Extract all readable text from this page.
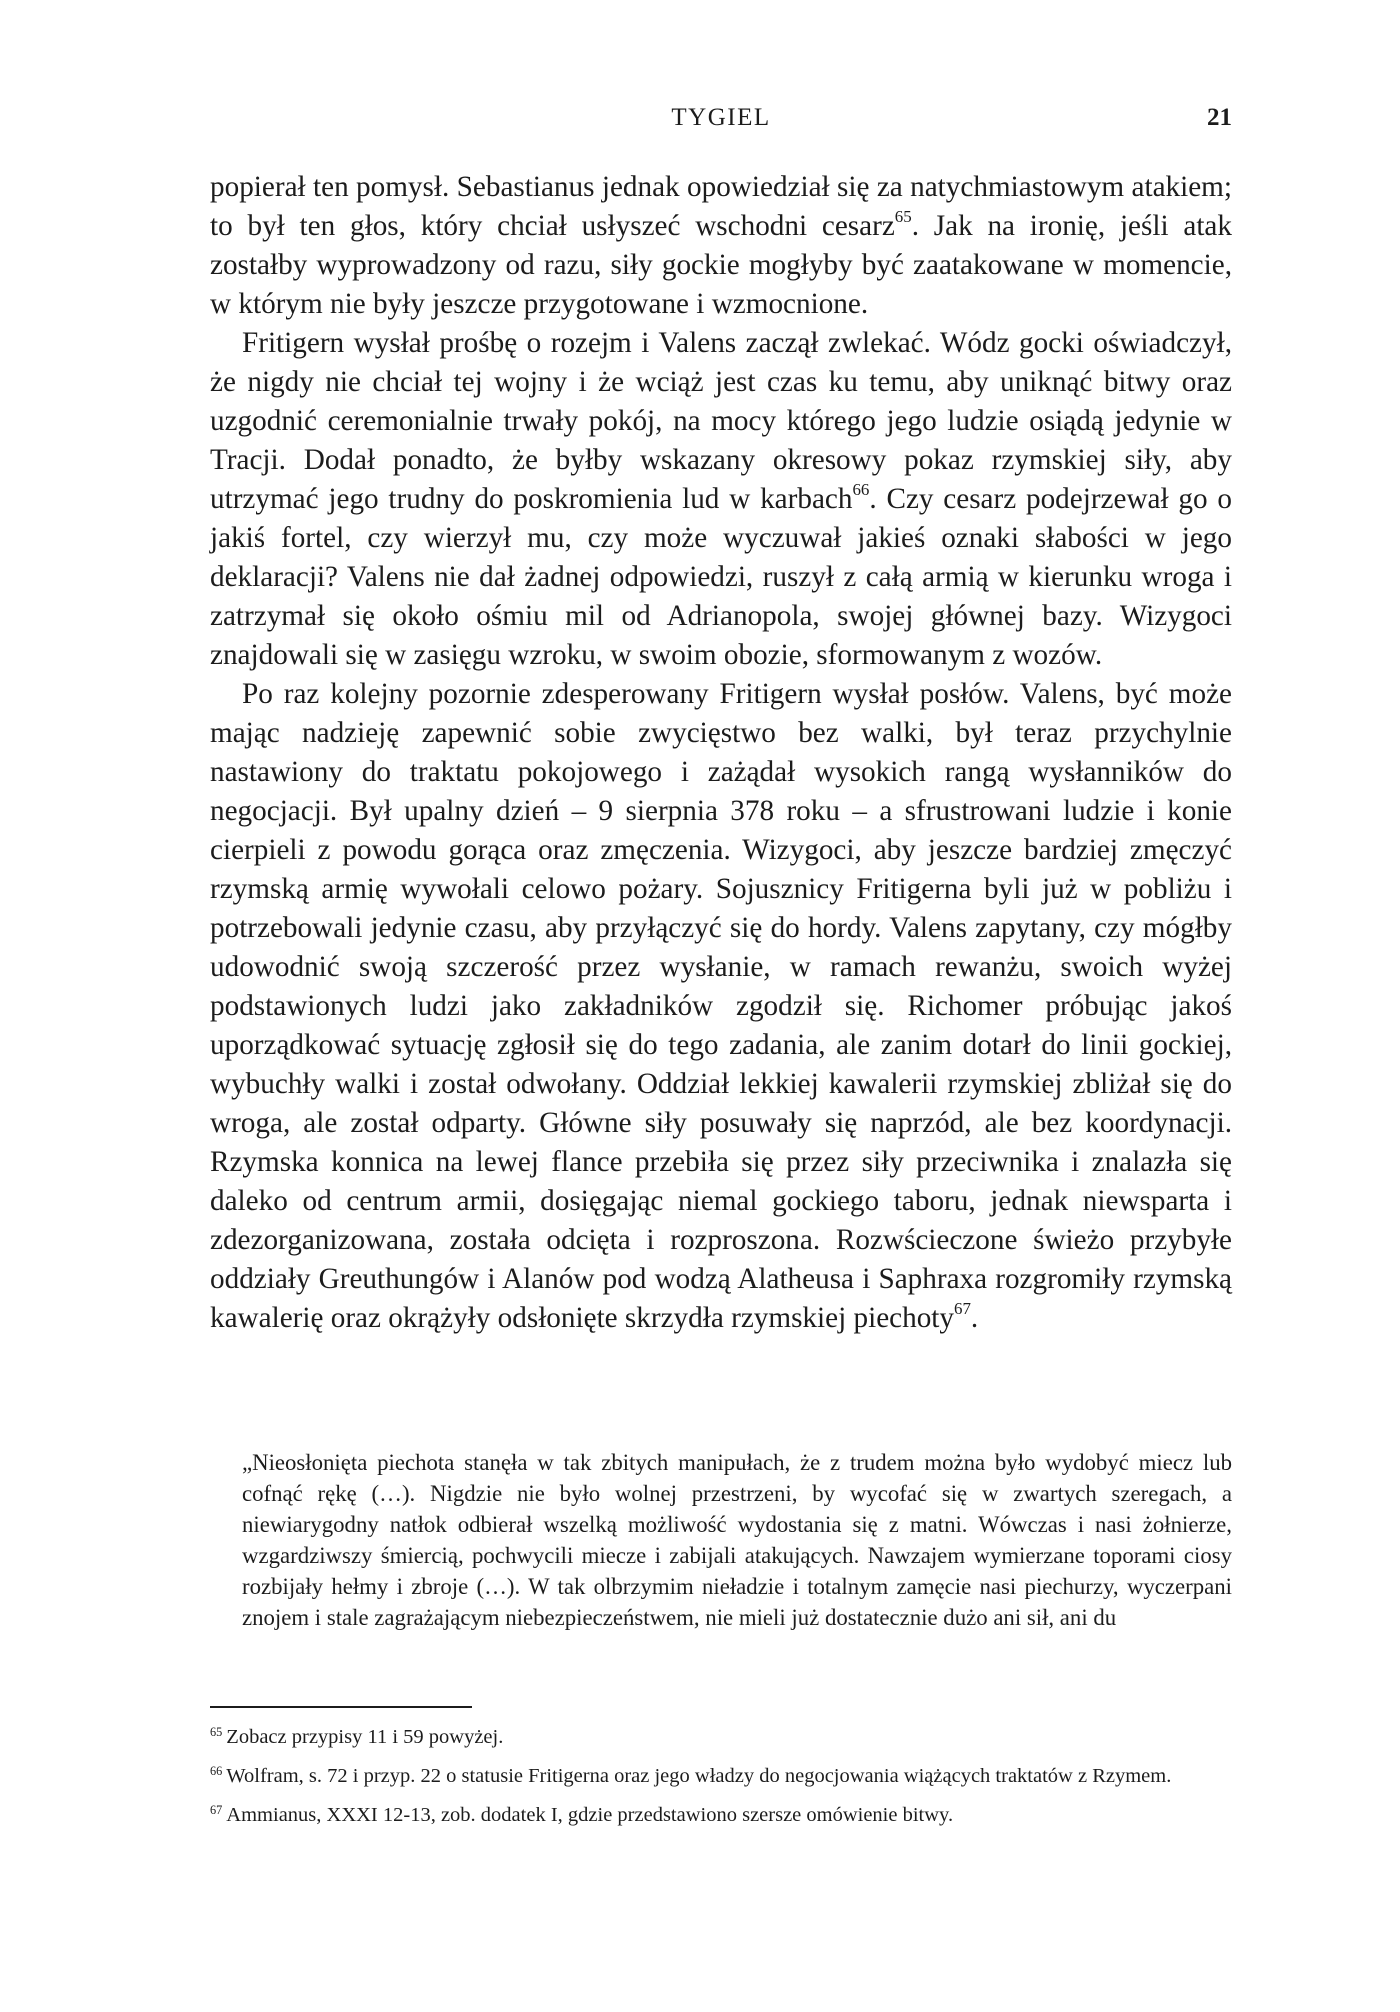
TYGIEL	21

popierał ten pomysł. Sebastianus jednak opowiedział się za natychmiastowym atakiem; to był ten głos, który chciał usłyszeć wschodni cesarz$^{65}$. Jak na ironię, jeśli atak zostałby wyprowadzony od razu, siły gockie mogłyby być zaatakowane w momencie, w którym nie były jeszcze przygotowane i wzmocnione.

Fritigern wysłał prośbę o rozejm i Valens zaczął zwlekać. Wódz gocki oświadczył, że nigdy nie chciał tej wojny i że wciąż jest czas ku temu, aby uniknąć bitwy oraz uzgodnić ceremonialnie trwały pokój, na mocy którego jego ludzie osiądą jedynie w Tracji. Dodał ponadto, że byłby wskazany okresowy pokaz rzymskiej siły, aby utrzymać jego trudny do poskromienia lud w karbach$^{66}$. Czy cesarz podejrzewał go o jakiś fortel, czy wierzył mu, czy może wyczuwał jakieś oznaki słabości w jego deklaracji? Valens nie dał żadnej odpowiedzi, ruszył z całą armią w kierunku wroga i zatrzymał się około ośmiu mil od Adrianopola, swojej głównej bazy. Wizygoci znajdowali się w zasięgu wzroku, w swoim obozie, sformowanym z wozów.

Po raz kolejny pozornie zdesperowany Fritigern wysłał posłów. Valens, być może mając nadzieję zapewnić sobie zwycięstwo bez walki, był teraz przychylnie nastawiony do traktatu pokojowego i zażądał wysokich rangą wysłanników do negocjacji. Był upalny dzień – 9 sierpnia 378 roku – a sfrustrowani ludzie i konie cierpieli z powodu gorąca oraz zmęczenia. Wizygoci, aby jeszcze bardziej zmęczyć rzymską armię wywołali celowo pożary. Sojusznicy Fritigerna byli już w pobliżu i potrzebowali jedynie czasu, aby przyłączyć się do hordy. Valens zapytany, czy mógłby udowodnić swoją szczerość przez wysłanie, w ramach rewanżu, swoich wyżej podstawionych ludzi jako zakładników zgodził się. Richomer próbując jakoś uporządkować sytuację zgłosił się do tego zadania, ale zanim dotarł do linii gockiej, wybuchły walki i został odwołany. Oddział lekkiej kawalerii rzymskiej zbliżał się do wroga, ale został odparty. Główne siły posuwały się naprzód, ale bez koordynacji. Rzymska konnica na lewej flance przebiła się przez siły przeciwnika i znalazła się daleko od centrum armii, dosięgając niemal gockiego taboru, jednak niewsparta i zdezorganizowana, została odcięta i rozproszona. Rozwścieczone świeżo przybyłe oddziały Greuthungów i Alanów pod wodzą Alatheusa i Saphraxa rozgromiły rzymską kawalerię oraz okrążyły odsłonięte skrzydła rzymskiej piechoty$^{67}$.

„Nieosłonięta piechota stanęła w tak zbitych manipułach, że z trudem można było wydobyć miecz lub cofnąć rękę (…). Nigdzie nie było wolnej przestrzeni, by wycofać się w zwartych szeregach, a niewiarygodny natłok odbierał wszelką możliwość wydostania się z matni. Wówczas i nasi żołnierze, wzgardziwszy śmiercią, pochwycili miecze i zabijali atakujących. Nawzajem wymierzane toporami ciosy rozbijały hełmy i zbroje (…). W tak olbrzymim nieładzie i totalnym zamęcie nasi piechurzy, wyczerpani znojem i stale zagrażającym niebezpieczeństwem, nie mieli już dostatecznie dużo ani sił, ani du

$^{65}$ Zobacz przypisy 11 i 59 powyżej.

$^{66}$ Wolfram, s. 72 i przyp. 22 o statusie Fritigerna oraz jego władzy do negocjowania wiążących traktatów z Rzymem.

$^{67}$ Ammianus, XXXI 12-13, zob. dodatek I, gdzie przedstawiono szersze omówienie bitwy.
